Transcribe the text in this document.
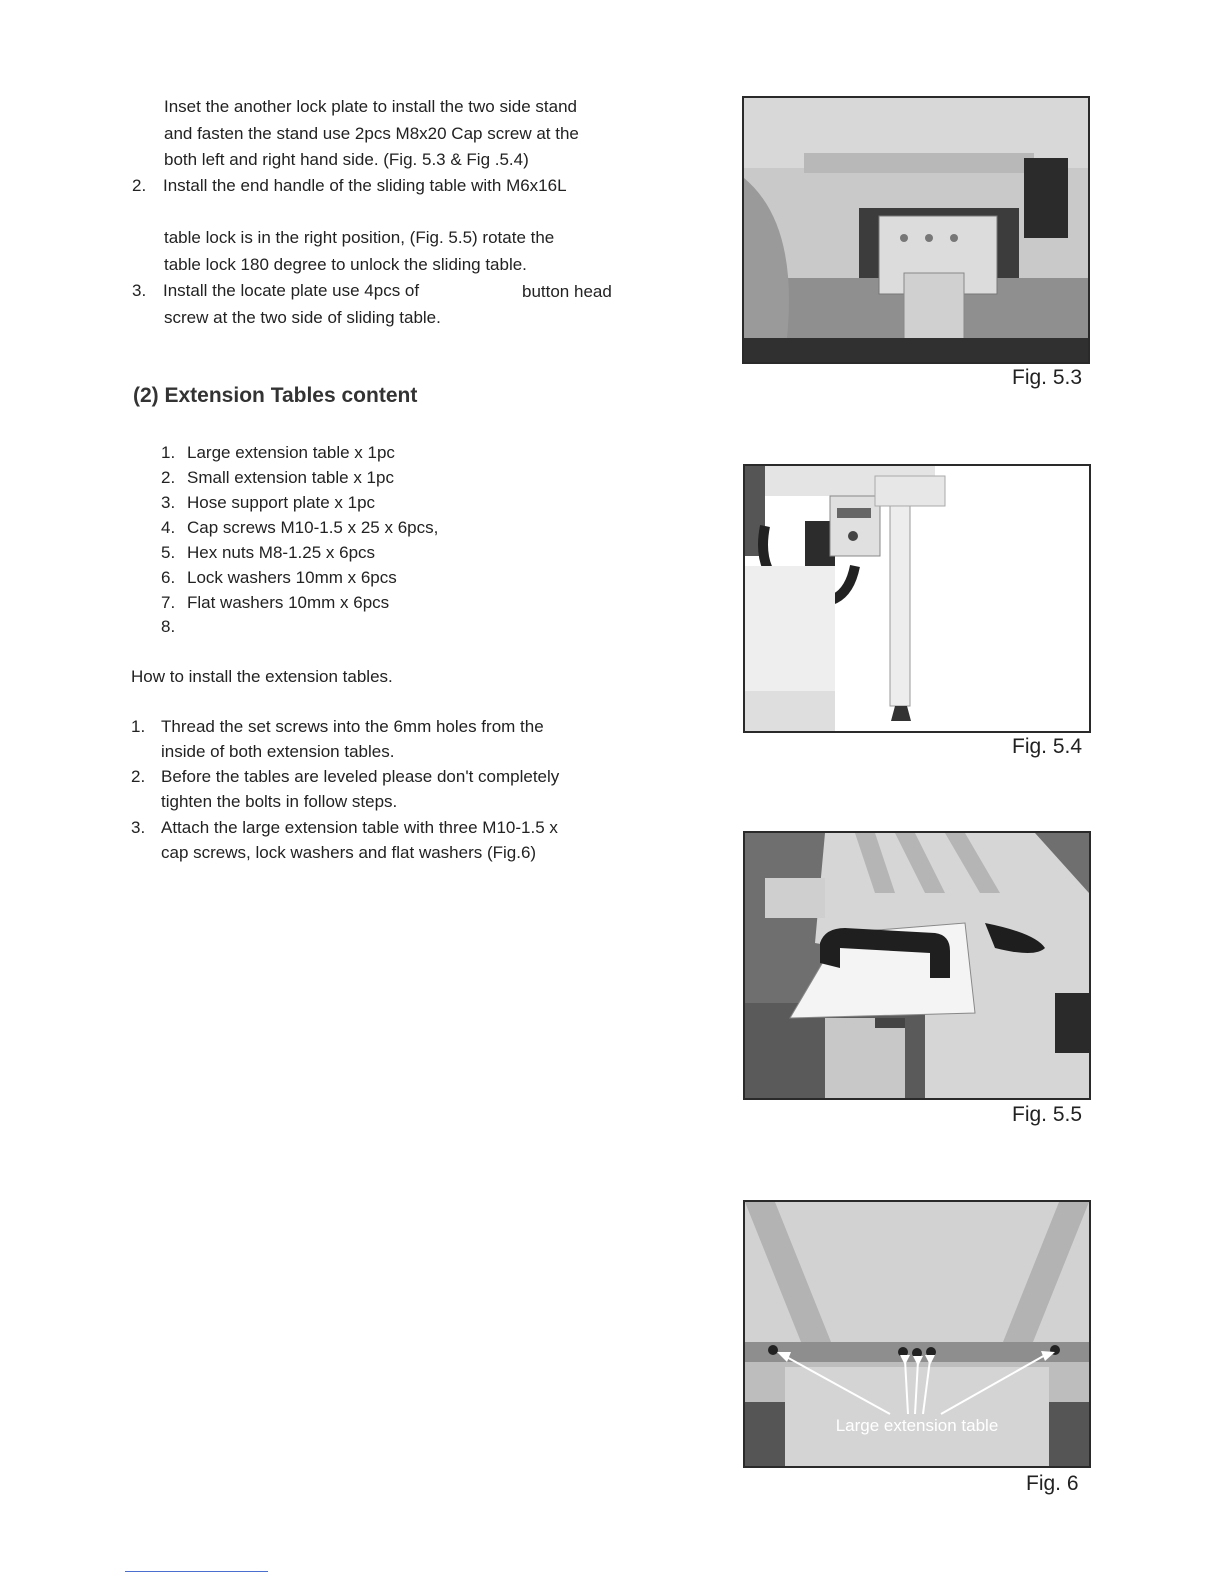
Inset the another lock plate to install the two side stand
and fasten the stand use 2pcs M8x20 Cap screw at the
both left and right hand side. (Fig. 5.3 & Fig .5.4)
2. Install the end handle of the sliding table with M6x16L
table lock is in the right position, (Fig. 5.5) rotate the
table lock 180 degree to unlock the sliding table.
3. Install the locate plate use 4pcs of	button head
screw at the two side of sliding table.
(2) Extension Tables content
1. Large extension table x 1pc
2. Small extension table x 1pc
3. Hose support plate x 1pc
4. Cap screws M10-1.5 x 25 x 6pcs,
5. Hex nuts M8-1.25 x 6pcs
6. Lock washers 10mm x 6pcs
7. Flat washers 10mm x 6pcs
8.
How to install the extension tables.
1. Thread the set screws into the 6mm holes from the
inside of both extension tables.
2. Before the tables are leveled please don't completely
tighten the bolts in follow steps.
3. Attach the large extension table with three M10-1.5 x
cap screws, lock washers and flat washers (Fig.6)
Fig. 5.3
Fig. 5.4
Fig. 5.5
Large extension table
Fig. 6
